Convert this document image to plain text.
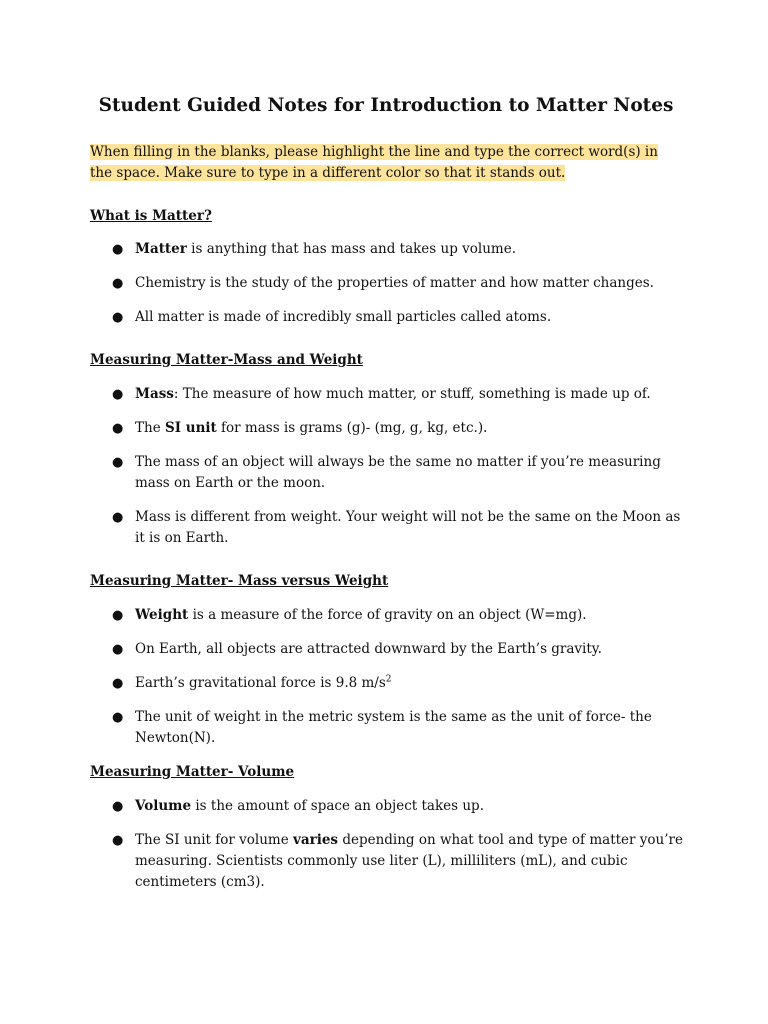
Student Guided Notes for Introduction to Matter Notes
When filling in the blanks, please highlight the line and type the correct word(s) in the space. Make sure to type in a different color so that it stands out.
What is Matter?
● Matter is anything that has mass and takes up volume.
● Chemistry is the study of the properties of matter and how matter changes.
● All matter is made of incredibly small particles called atoms.
Measuring Matter-Mass and Weight
● Mass: The measure of how much matter, or stuff, something is made up of.
● The SI unit for mass is grams (g)- (mg, g, kg, etc.).
● The mass of an object will always be the same no matter if you’re measuring mass on Earth or the moon.
● Mass is different from weight. Your weight will not be the same on the Moon as it is on Earth.
Measuring Matter- Mass versus Weight
● Weight is a measure of the force of gravity on an object (W=mg).
● On Earth, all objects are attracted downward by the Earth’s gravity.
● Earth’s gravitational force is 9.8 $m/s^2$
● The unit of weight in the metric system is the same as the unit of force- the Newton(N).
Measuring Matter- Volume
● Volume is the amount of space an object takes up.
● The SI unit for volume varies depending on what tool and type of matter you’re measuring. Scientists commonly use liter (L), milliliters (mL), and cubic centimeters (cm3).
